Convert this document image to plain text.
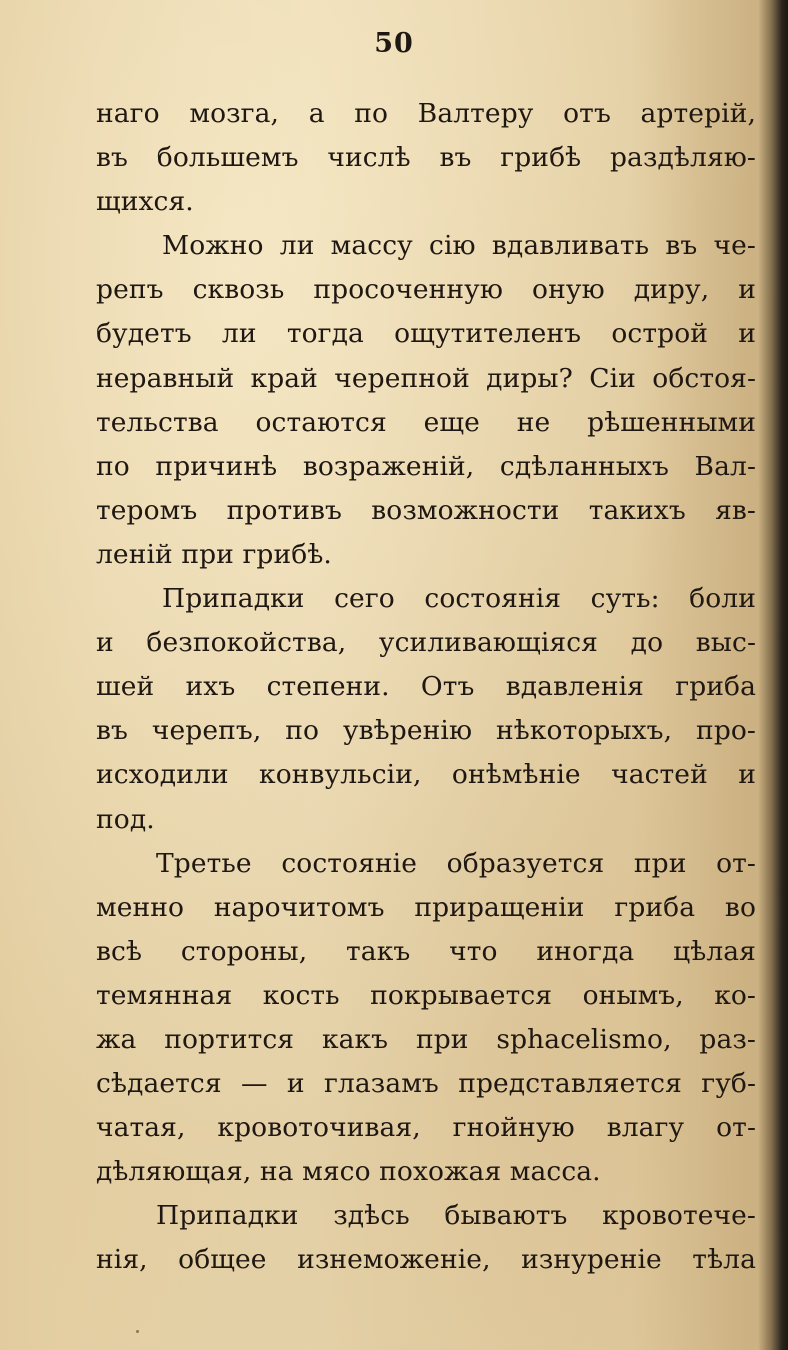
50
наго мозга, а по Валтеру отъ артерiй,
въ большемъ числѣ въ грибѣ раздѣляю-
щихся.
Можно ли массу сiю вдавливать въ че-
репъ сквозь просоченную оную диру, и
будетъ ли тогда ощутителенъ острой и
неравный край черепной диры? Сiи обстоя-
тельства остаются еще не рѣшенными
по причинѣ возраженiй, сдѣланныхъ Вал-
теромъ противъ возможности такихъ яв-
ленiй при грибѣ.
Припадки сего состоянiя суть: боли
и безпокойства, усиливающiяся до выс-
шей ихъ степени. Отъ вдавленiя гриба
въ черепъ, по увѣренiю нѣкоторыхъ, про-
исходили конвульсiи, онѣмѣнiе частей и
под.
Третье состоянiе образуется при от-
менно нарочитомъ приращенiи гриба во
всѣ стороны, такъ что иногда цѣлая
темянная кость покрывается онымъ, ко-
жа портится какъ при sphacelismo, раз-
сѣдается — и глазамъ представляется губ-
чатая, кровоточивая, гнойную влагу от-
дѣляющая, на мясо похожая масса.
Припадки здѣсь бываютъ кровотече-
нiя, общее изнеможенiе, изнуренiе тѣла
